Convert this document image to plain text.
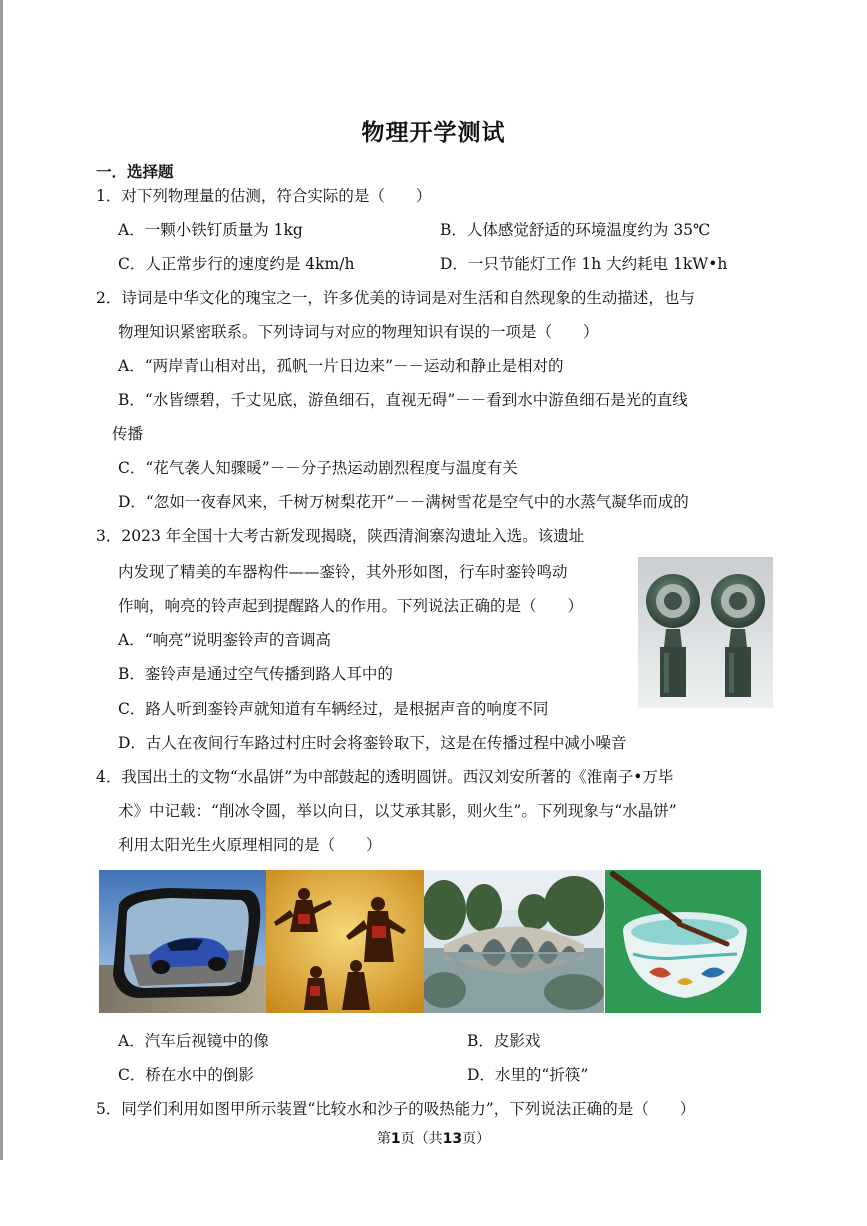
物理开学测试
一．选择题
1．对下列物理量的估测，符合实际的是（　　）
A．一颗小铁钉质量为 1kg	B．人体感觉舒适的环境温度约为 35℃
C．人正常步行的速度约是 4km/h	D．一只节能灯工作 1h 大约耗电 1kW•h
2．诗词是中华文化的瑰宝之一，许多优美的诗词是对生活和自然现象的生动描述，也与
物理知识紧密联系。下列诗词与对应的物理知识有误的一项是（　　）
A．“两岸青山相对出，孤帆一片日边来”－－运动和静止是相对的
B．“水皆缥碧，千丈见底，游鱼细石，直视无碍”－－看到水中游鱼细石是光的直线
传播
C．“花气袭人知骤暖”－－分子热运动剧烈程度与温度有关
D．“忽如一夜春风来，千树万树梨花开”－－满树雪花是空气中的水蒸气凝华而成的
3．2023 年全国十大考古新发现揭晓，陕西清涧寨沟遗址入选。该遗址
内发现了精美的车器构件——銮铃，其外形如图，行车时銮铃鸣动
作响，响亮的铃声起到提醒路人的作用。下列说法正确的是（　　）
A．“响亮”说明銮铃声的音调高
B．銮铃声是通过空气传播到路人耳中的
C．路人听到銮铃声就知道有车辆经过，是根据声音的响度不同
D．古人在夜间行车路过村庄时会将銮铃取下，这是在传播过程中减小噪音
4．我国出土的文物“水晶饼”为中部鼓起的透明圆饼。西汉刘安所著的《淮南子•万毕
术》中记载：“削冰令圆，举以向日，以艾承其影，则火生”。下列现象与“水晶饼”
利用太阳光生火原理相同的是（　　）
A．汽车后视镜中的像	B．皮影戏
C．桥在水中的倒影	D．水里的“折筷”
5．同学们利用如图甲所示装置“比较水和沙子的吸热能力”，下列说法正确的是（　　）
第1页（共13页）
